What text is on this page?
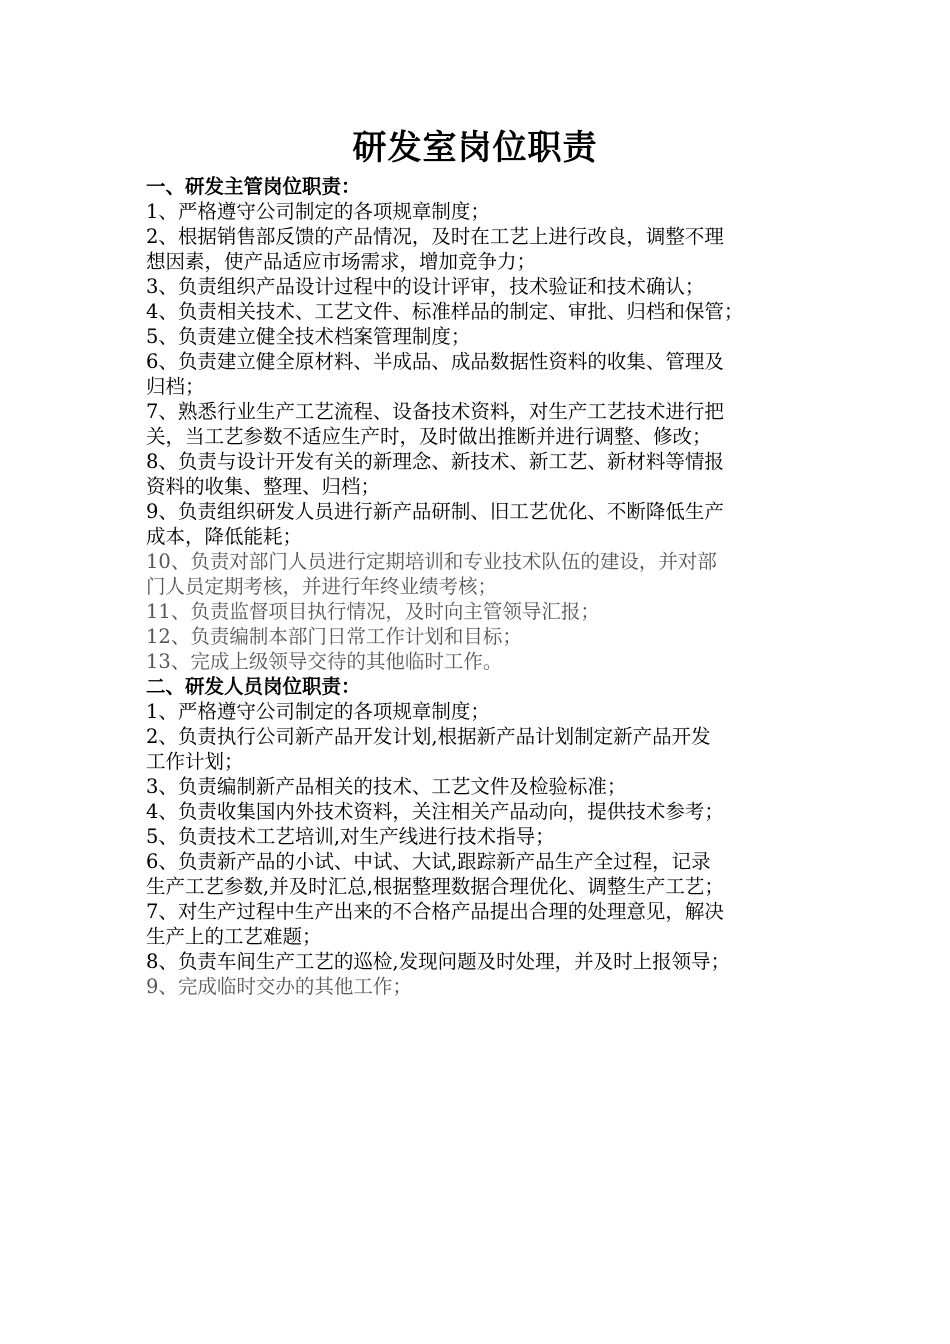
研发室岗位职责

一、研发主管岗位职责：

1、严格遵守公司制定的各项规章制度；

2、根据销售部反馈的产品情况，及时在工艺上进行改良，调整不理
想因素，使产品适应市场需求，增加竞争力；

3、负责组织产品设计过程中的设计评审，技术验证和技术确认；

4、负责相关技术、工艺文件、标准样品的制定、审批、归档和保管；

5、负责建立健全技术档案管理制度；

6、负责建立健全原材料、半成品、成品数据性资料的收集、管理及
归档；

7、熟悉行业生产工艺流程、设备技术资料，对生产工艺技术进行把
关，当工艺参数不适应生产时，及时做出推断并进行调整、修改；

8、负责与设计开发有关的新理念、新技术、新工艺、新材料等情报
资料的收集、整理、归档；

9、负责组织研发人员进行新产品研制、旧工艺优化、不断降低生产
成本，降低能耗；

10、负责对部门人员进行定期培训和专业技术队伍的建设，并对部
门人员定期考核，并进行年终业绩考核；

11、负责监督项目执行情况，及时向主管领导汇报；

12、负责编制本部门日常工作计划和目标；

13、完成上级领导交待的其他临时工作。

二、研发人员岗位职责：

1、严格遵守公司制定的各项规章制度；

2、负责执行公司新产品开发计划,根据新产品计划制定新产品开发
工作计划；

3、负责编制新产品相关的技术、工艺文件及检验标准；

4、负责收集国内外技术资料，关注相关产品动向，提供技术参考；

5、负责技术工艺培训,对生产线进行技术指导；

6、负责新产品的小试、中试、大试,跟踪新产品生产全过程，记录
生产工艺参数,并及时汇总,根据整理数据合理优化、调整生产工艺；

7、对生产过程中生产出来的不合格产品提出合理的处理意见，解决
生产上的工艺难题；

8、负责车间生产工艺的巡检,发现问题及时处理，并及时上报领导；

9、完成临时交办的其他工作；
